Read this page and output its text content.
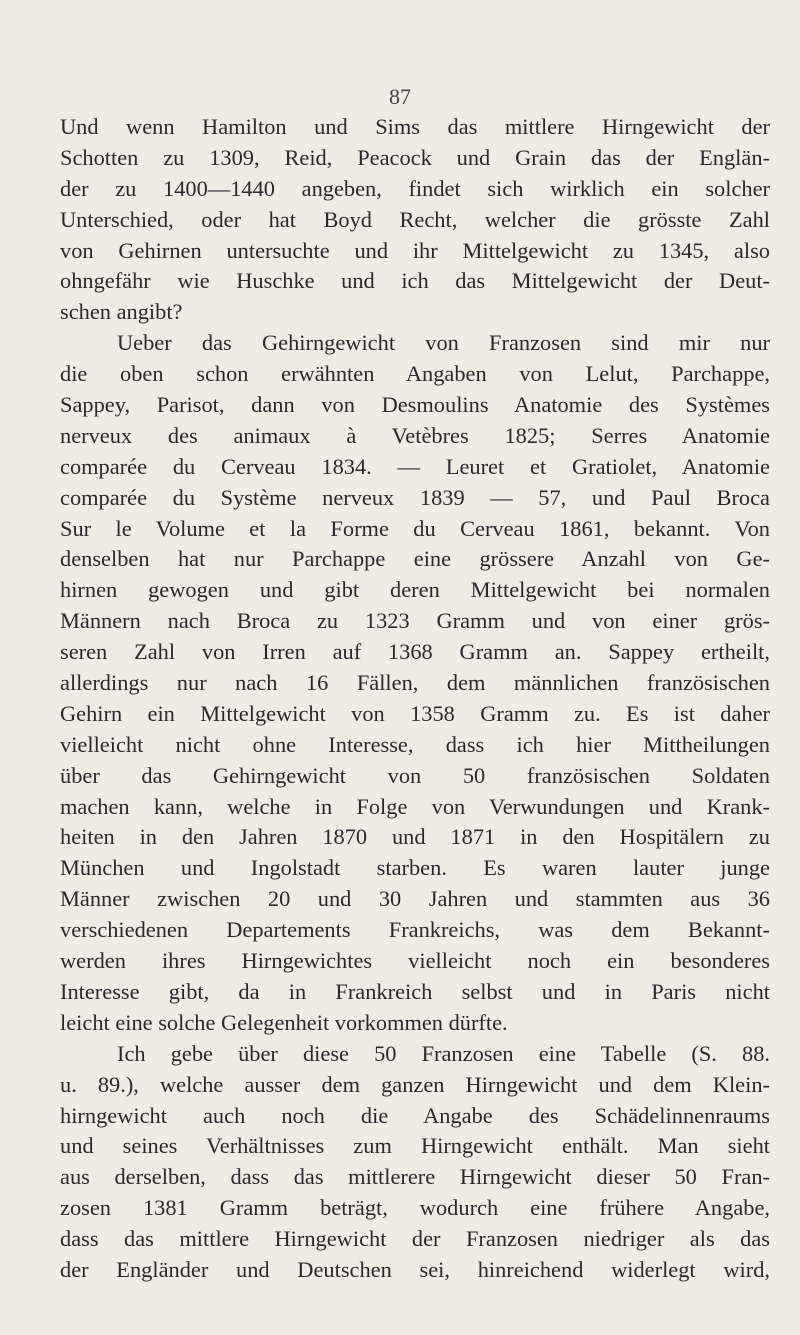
87
Und wenn Hamilton und Sims das mittlere Hirngewicht der
Schotten zu 1309, Reid, Peacock und Grain das der Englän-
der zu 1400—1440 angeben, findet sich wirklich ein solcher
Unterschied, oder hat Boyd Recht, welcher die grösste Zahl
von Gehirnen untersuchte und ihr Mittelgewicht zu 1345, also
ohngefähr wie Huschke und ich das Mittelgewicht der Deut-
schen angibt?
Ueber das Gehirngewicht von Franzosen sind mir nur
die oben schon erwähnten Angaben von Lelut, Parchappe,
Sappey, Parisot, dann von Desmoulins Anatomie des Systèmes
nerveux des animaux à Vetèbres 1825; Serres Anatomie
comparée du Cerveau 1834. — Leuret et Gratiolet, Anatomie
comparée du Système nerveux 1839 — 57, und Paul Broca
Sur le Volume et la Forme du Cerveau 1861, bekannt. Von
denselben hat nur Parchappe eine grössere Anzahl von Ge-
hirnen gewogen und gibt deren Mittelgewicht bei normalen
Männern nach Broca zu 1323 Gramm und von einer grös-
seren Zahl von Irren auf 1368 Gramm an. Sappey ertheilt,
allerdings nur nach 16 Fällen, dem männlichen französischen
Gehirn ein Mittelgewicht von 1358 Gramm zu. Es ist daher
vielleicht nicht ohne Interesse, dass ich hier Mittheilungen
über das Gehirngewicht von 50 französischen Soldaten
machen kann, welche in Folge von Verwundungen und Krank-
heiten in den Jahren 1870 und 1871 in den Hospitälern zu
München und Ingolstadt starben. Es waren lauter junge
Männer zwischen 20 und 30 Jahren und stammten aus 36
verschiedenen Departements Frankreichs, was dem Bekannt-
werden ihres Hirngewichtes vielleicht noch ein besonderes
Interesse gibt, da in Frankreich selbst und in Paris nicht
leicht eine solche Gelegenheit vorkommen dürfte.
Ich gebe über diese 50 Franzosen eine Tabelle (S. 88.
u. 89.), welche ausser dem ganzen Hirngewicht und dem Klein-
hirngewicht auch noch die Angabe des Schädelinnenraums
und seines Verhältnisses zum Hirngewicht enthält. Man sieht
aus derselben, dass das mittlerere Hirngewicht dieser 50 Fran-
zosen 1381 Gramm beträgt, wodurch eine frühere Angabe,
dass das mittlere Hirngewicht der Franzosen niedriger als das
der Engländer und Deutschen sei, hinreichend widerlegt wird,
